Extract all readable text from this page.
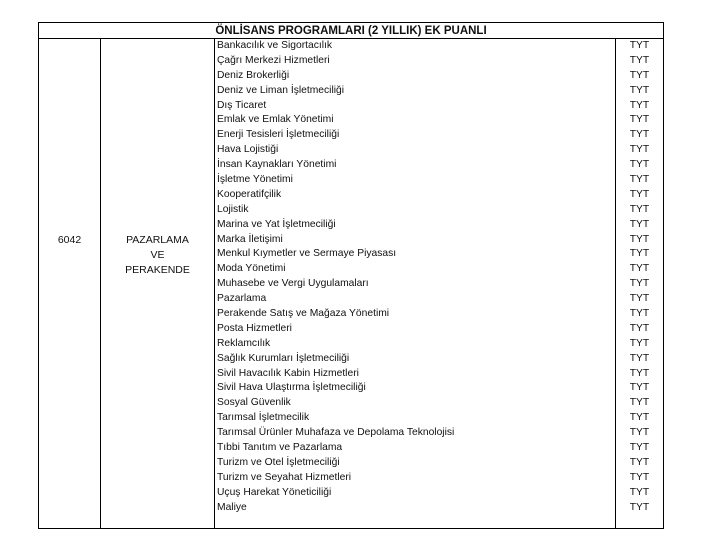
ÖNLİSANS PROGRAMLARI (2 YILLIK) EK PUANLI
6042	PAZARLAMA
VE
PERAKENDE
Bankacılık ve Sigortacılık
Çağrı Merkezi Hizmetleri
Deniz Brokerliği
Deniz ve Liman İşletmeciliği
Dış Ticaret
Emlak ve Emlak Yönetimi
Enerji Tesisleri İşletmeciliği
Hava Lojistiği
İnsan Kaynakları Yönetimi
İşletme Yönetimi
Kooperatifçilik
Lojistik
Marina ve Yat İşletmeciliği
Marka İletişimi
Menkul Kıymetler ve Sermaye Piyasası
Moda Yönetimi
Muhasebe ve Vergi Uygulamaları
Pazarlama
Perakende Satış ve Mağaza Yönetimi
Posta Hizmetleri
Reklamcılık
Sağlık Kurumları İşletmeciliği
Sivil Havacılık Kabin Hizmetleri
Sivil Hava Ulaştırma İşletmeciliği
Sosyal Güvenlik
Tarımsal İşletmecilik
Tarımsal Ürünler Muhafaza ve Depolama Teknolojisi
Tıbbi Tanıtım ve Pazarlama
Turizm ve Otel İşletmeciliği
Turizm ve Seyahat Hizmetleri
Uçuş Harekat Yöneticiliği
Maliye
TYT
TYT
TYT
TYT
TYT
TYT
TYT
TYT
TYT
TYT
TYT
TYT
TYT
TYT
TYT
TYT
TYT
TYT
TYT
TYT
TYT
TYT
TYT
TYT
TYT
TYT
TYT
TYT
TYT
TYT
TYT
TYT
